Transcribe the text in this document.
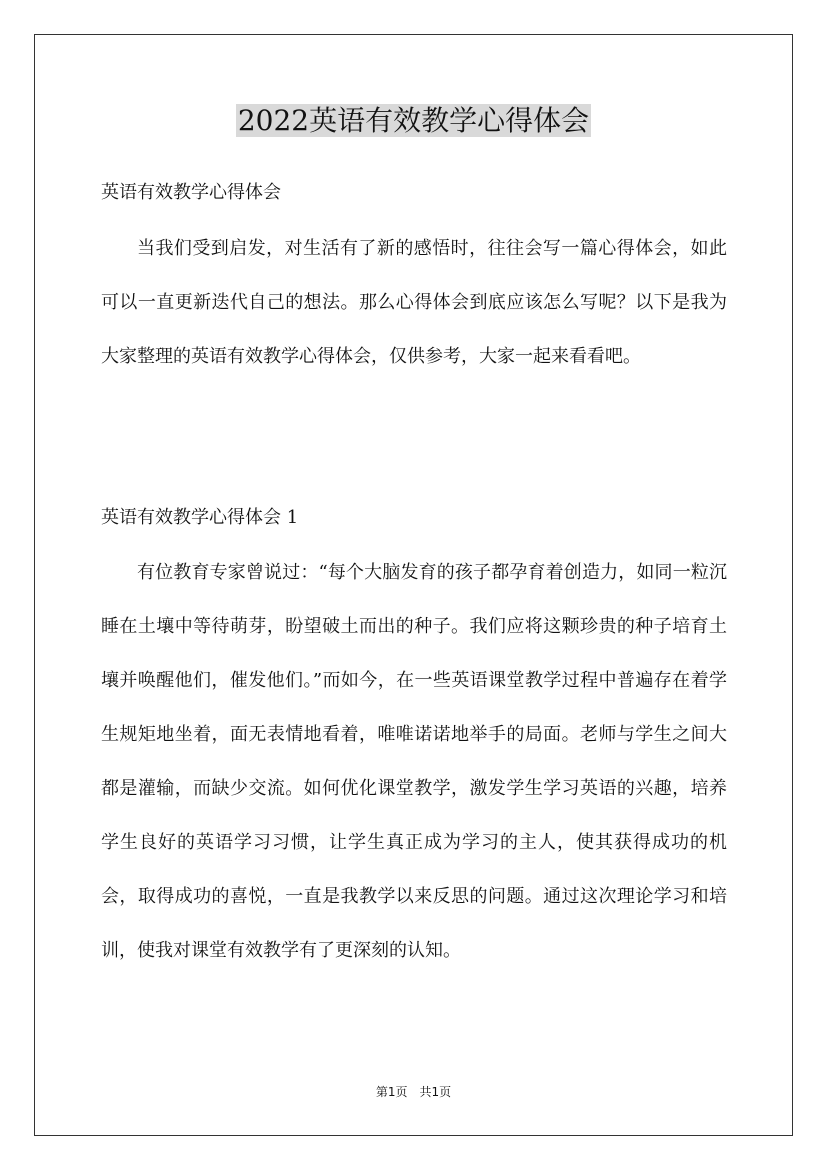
2022英语有效教学心得体会
英语有效教学心得体会

当我们受到启发，对生活有了新的感悟时，往往会写一篇心得体会，如此可以一直更新迭代自己的想法。那么心得体会到底应该怎么写呢？以下是我为大家整理的英语有效教学心得体会，仅供参考，大家一起来看看吧。

英语有效教学心得体会 1

有位教育专家曾说过：“每个大脑发育的孩子都孕育着创造力，如同一粒沉睡在土壤中等待萌芽，盼望破土而出的种子。我们应将这颗珍贵的种子培育土壤并唤醒他们，催发他们。”而如今，在一些英语课堂教学过程中普遍存在着学生规矩地坐着，面无表情地看着，唯唯诺诺地举手的局面。老师与学生之间大都是灌输，而缺少交流。如何优化课堂教学，激发学生学习英语的兴趣，培养学生良好的英语学习习惯，让学生真正成为学习的主人，使其获得成功的机会，取得成功的喜悦，一直是我教学以来反思的问题。通过这次理论学习和培训，使我对课堂有效教学有了更深刻的认知。

第1页　共1页
